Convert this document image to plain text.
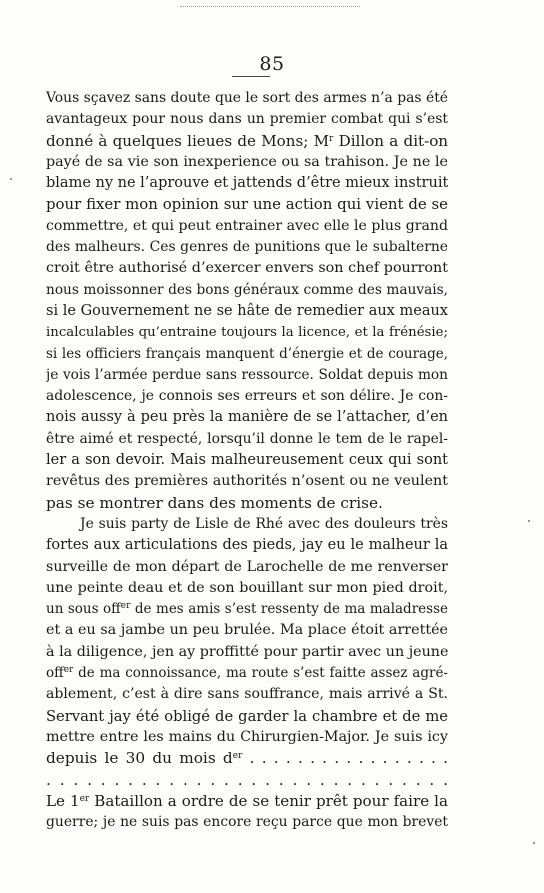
85
Vous sçavez sans doute que le sort des armes n’a pas été
avantageux pour nous dans un premier combat qui s’est
donné à quelques lieues de Mons; $M^r$ Dillon a dit-on
payé de sa vie son inexperience ou sa trahison. Je ne le
blame ny ne l’aprouve et jattends d’être mieux instruit
pour fixer mon opinion sur une action qui vient de se
commettre, et qui peut entrainer avec elle le plus grand
des malheurs. Ces genres de punitions que le subalterne
croit être authorisé d’exercer envers son chef pourront
nous moissonner des bons généraux comme des mauvais,
si le Gouvernement ne se hâte de remedier aux meaux
incalculables qu’entraine toujours la licence, et la frénésie;
si les officiers français manquent d’énergie et de courage,
je vois l’armée perdue sans ressource. Soldat depuis mon
adolescence, je connois ses erreurs et son délire. Je con-
nois aussy à peu près la manière de se l’attacher, d’en
être aimé et respecté, lorsqu’il donne le tem de le rapel-
ler a son devoir. Mais malheureusement ceux qui sont
revêtus des premières authorités n’osent ou ne veulent
pas se montrer dans des moments de crise.
Je suis party de Lisle de Rhé avec des douleurs très
fortes aux articulations des pieds, jay eu le malheur la
surveille de mon départ de Larochelle de me renverser
une peinte deau et de son bouillant sur mon pied droit,
un sous off$^{er}$ de mes amis s’est ressenty de ma maladresse
et a eu sa jambe un peu brulée. Ma place étoit arrettée
à la diligence, jen ay proffitté pour partir avec un jeune
off$^{er}$ de ma connoissance, ma route s’est faitte assez agré-
ablement, c’est à dire sans souffrance, mais arrivé a St.
Servant jay été obligé de garder la chambre et de me
mettre entre les mains du Chirurgien-Major. Je suis icy
depuis le 30 du mois $d^{er}$ . . . . . . . . . . . . . . . . .
. . . . . . . . . . . . . . . . . . . . . . . . . . . . . .
Le 1er Bataillon a ordre de se tenir prêt pour faire la
guerre; je ne suis pas encore reçu parce que mon brevet
